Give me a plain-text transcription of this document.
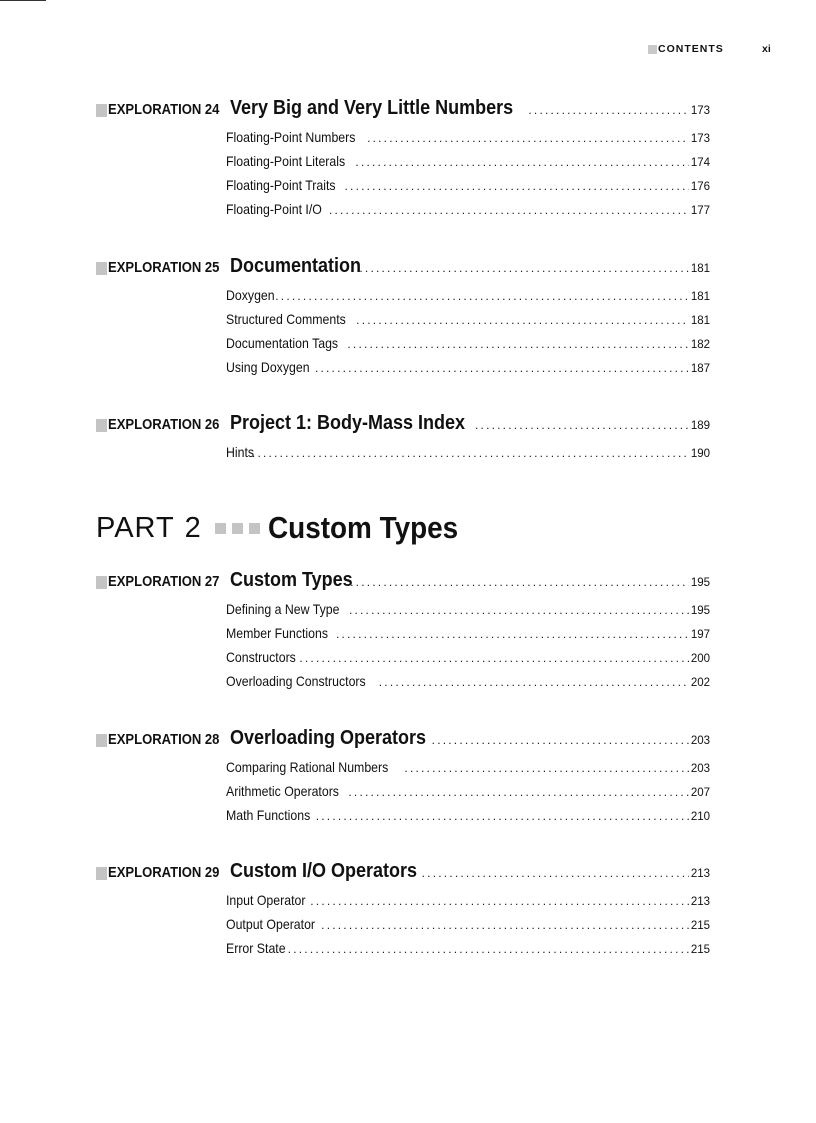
CONTENTS	xi
EXPLORATION 24 Very Big and Very Little Numbers .....	173
Floating-Point Numbers .....	173
Floating-Point Literals .....	174
Floating-Point Traits .....	176
Floating-Point I/O .....	177
EXPLORATION 25 Documentation .....	181
Doxygen .....	181
Structured Comments .....	181
Documentation Tags .....	182
Using Doxygen .....	187
EXPLORATION 26 Project 1: Body-Mass Index .....	189
Hints .....	190
PART 2 Custom Types
EXPLORATION 27 Custom Types .....	195
Defining a New Type .....	195
Member Functions .....	197
Constructors .....	200
Overloading Constructors .....	202
EXPLORATION 28 Overloading Operators .....	203
Comparing Rational Numbers .....	203
Arithmetic Operators .....	207
Math Functions .....	210
EXPLORATION 29 Custom I/O Operators .....	213
Input Operator .....	213
Output Operator .....	215
Error State .....	215
